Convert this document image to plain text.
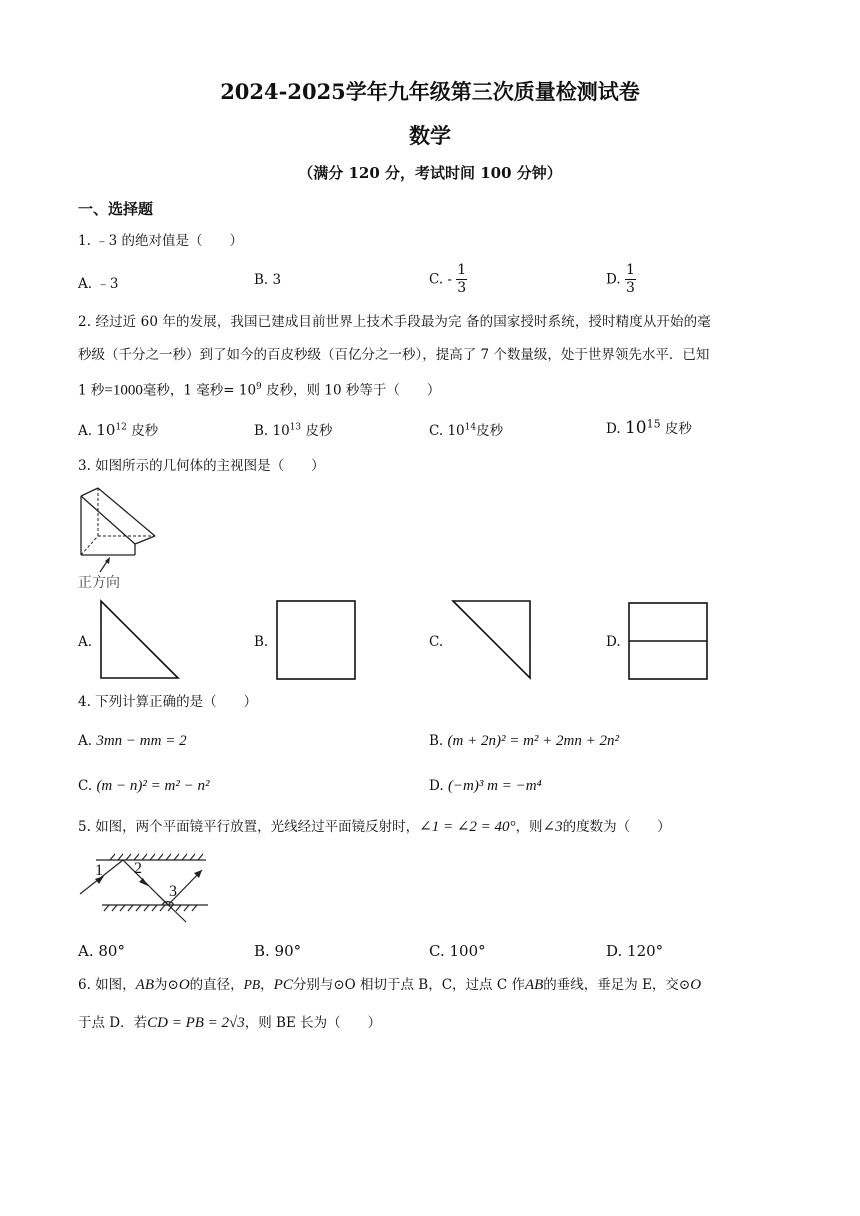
2024-2025学年九年级第三次质量检测试卷
数学
（满分 120 分，考试时间 100 分钟）
一、选择题
1. ﹣3 的绝对值是（　　）
A. ﹣3	B. 3	C. - $\frac{1}{3}$	D. $\frac{1}{3}$
2. 经过近 60 年的发展，我国已建成目前世界上技术手段最为完 备的国家授时系统，授时精度从开始的毫
秒级（千分之一秒）到了如今的百皮秒级（百亿分之一秒），提高了 7 个数量级，处于世界领先水平．已知
1 秒=1000毫秒，1 毫秒= $10^9$ 皮秒，则 10 秒等于（　　）
A. $10^{12}$ 皮秒	B. $10^{13}$ 皮秒	C. $10^{14}$皮秒	D. $10^{15}$ 皮秒
3. 如图所示的几何体的主视图是（　　）
正方向
A.	B.	C.	D.
4. 下列计算正确的是（　　）
A. 3mn − mm = 2	B. (m + 2n)² = m² + 2mn + 2n²
C. (m − n)² = m² − n²	D. (−m)³ m = −m⁴
5. 如图，两个平面镜平行放置，光线经过平面镜反射时，∠1 = ∠2 = 40°，则∠3的度数为（　　）
1 2
3
A. 80°	B. 90°	C. 100°	D. 120°
6. 如图，AB为⊙O的直径，PB，PC分别与⊙O 相切于点 B，C，过点 C 作AB的垂线，垂足为 E，交⊙O
于点 D．若CD = PB = 2√3，则 BE 长为（　　）
